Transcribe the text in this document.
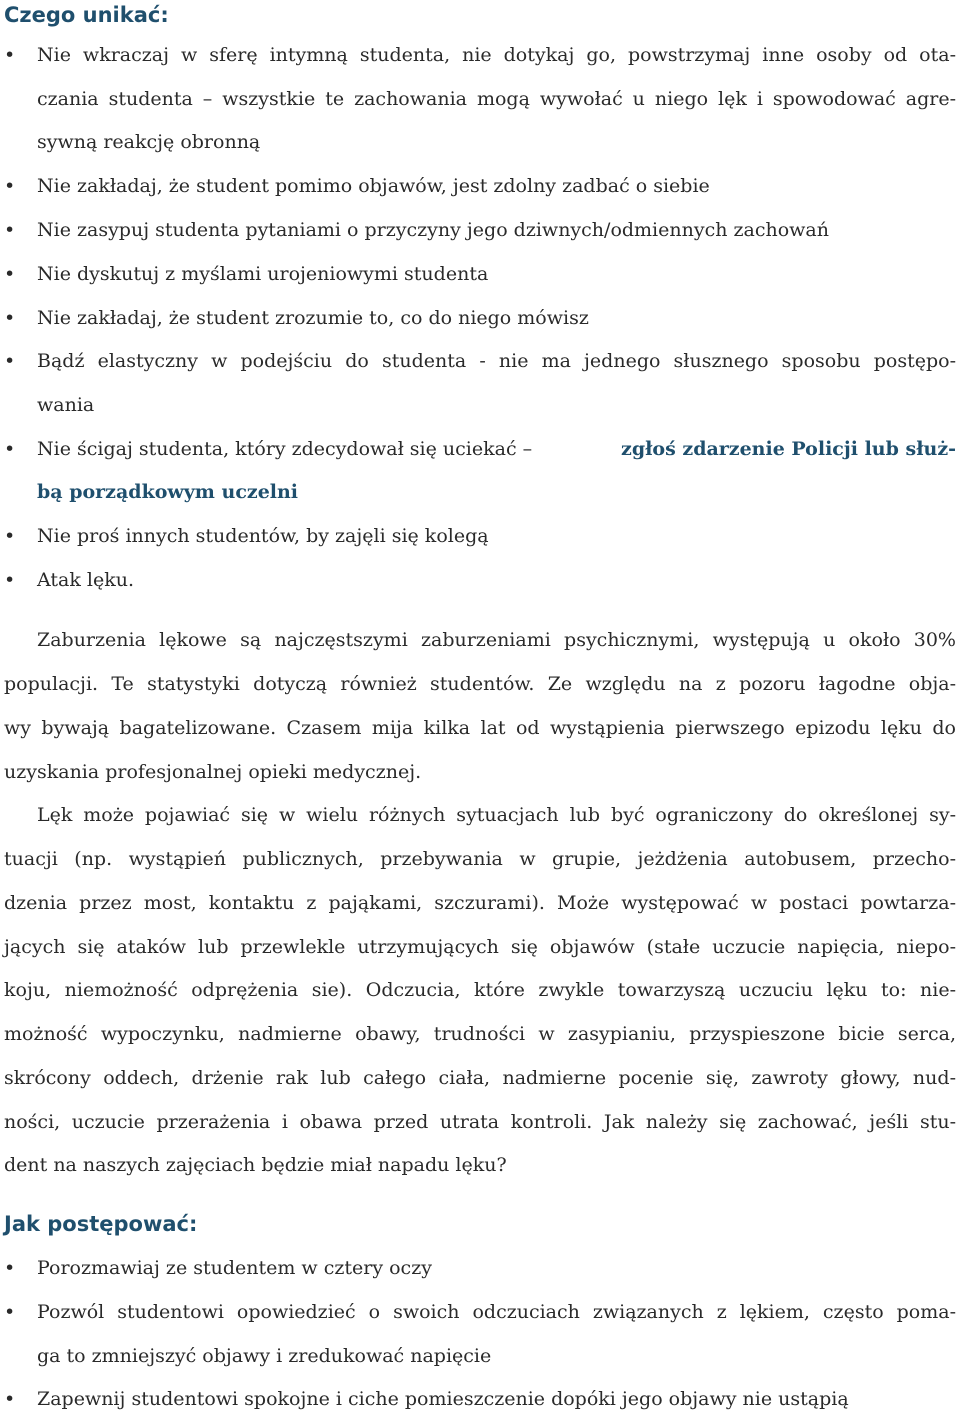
Czego unikać:
• Nie wkraczaj w sferę intymną studenta, nie dotykaj go, powstrzymaj inne osoby od ota-
czania studenta – wszystkie te zachowania mogą wywołać u niego lęk i spowodować agre-
sywną reakcję obronną
• Nie zakładaj, że student pomimo objawów, jest zdolny zadbać o siebie
• Nie zasypuj studenta pytaniami o przyczyny jego dziwnych/odmiennych zachowań
• Nie dyskutuj z myślami urojeniowymi studenta
• Nie zakładaj, że student zrozumie to, co do niego mówisz
• Bądź elastyczny w podejściu do studenta - nie ma jednego słusznego sposobu postępo-
wania
• Nie ścigaj studenta, który zdecydował się uciekać –	zgłoś zdarzenie Policji lub służ-
bą porządkowym uczelni
• Nie proś innych studentów, by zajęli się kolegą
• Atak lęku.
Zaburzenia lękowe są najczęstszymi zaburzeniami psychicznymi, występują u około 30%
populacji. Te statystyki dotyczą również studentów. Ze względu na z pozoru łagodne obja-
wy bywają bagatelizowane. Czasem mija kilka lat od wystąpienia pierwszego epizodu lęku do
uzyskania profesjonalnej opieki medycznej.
Lęk może pojawiać się w wielu różnych sytuacjach lub być ograniczony do określonej sy-
tuacji (np. wystąpień publicznych, przebywania w grupie, jeżdżenia autobusem, przecho-
dzenia przez most, kontaktu z pająkami, szczurami). Może występować w postaci powtarza-
jących się ataków lub przewlekle utrzymujących się objawów (stałe uczucie napięcia, niepo-
koju, niemożność odprężenia sie). Odczucia, które zwykle towarzyszą uczuciu lęku to: nie-
możność wypoczynku, nadmierne obawy, trudności w zasypianiu, przyspieszone bicie serca,
skrócony oddech, drżenie rak lub całego ciała, nadmierne pocenie się, zawroty głowy, nud-
ności, uczucie przerażenia i obawa przed utrata kontroli. Jak należy się zachować, jeśli stu-
dent na naszych zajęciach będzie miał napadu lęku?
Jak postępować:
• Porozmawiaj ze studentem w cztery oczy
• Pozwól studentowi opowiedzieć o swoich odczuciach związanych z lękiem, często poma-
ga to zmniejszyć objawy i zredukować napięcie
• Zapewnij studentowi spokojne i ciche pomieszczenie dopóki jego objawy nie ustąpią
